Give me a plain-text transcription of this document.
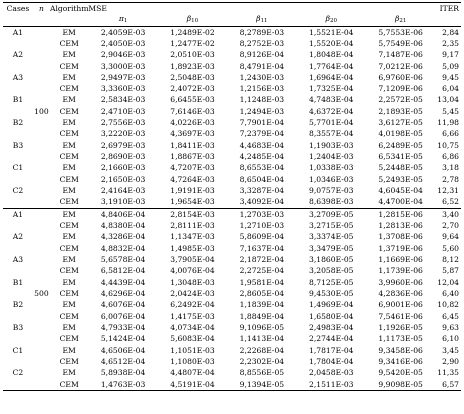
Cases	n	Algorithm	MSE					ITER
			π1	β10	β11	β20	β21	
A1		EM	2,4059E-03	1,2489E-02	8,2789E-03	1,5521E-04	5,7553E-06	2,84
		CEM	2,4050E-03	1,2477E-02	8,2752E-03	1,5520E-04	5,7549E-06	2,35
A2		EM	2,9046E-03	2,0510E-03	8,9126E-04	1,8048E-04	7,1487E-06	9,17
		CEM	3,3000E-03	1,8923E-03	8,4791E-04	1,7764E-04	7,0212E-06	5,09
A3		EM	2,9497E-03	2,5048E-03	1,2430E-03	1,6964E-04	6,9760E-06	9,45
		CEM	3,3360E-03	2,4072E-03	1,2156E-03	1,7325E-04	7,1209E-06	6,04
B1		EM	2,5834E-03	6,6455E-03	1,1248E-03	4,7483E-04	2,2572E-05	13,04
	100	CEM	2,4710E-03	7,6146E-03	1,2494E-03	4,6372E-04	2,1893E-05	5,45
B2		EM	2,7556E-03	4,0226E-03	7,7901E-04	5,7701E-04	3,6127E-05	11,98
		CEM	3,2220E-03	4,3697E-03	7,2379E-04	8,3557E-04	4,0198E-05	6,66
B3		EM	2,6979E-03	1,8411E-03	4,4683E-04	1,1903E-03	6,2489E-05	10,75
		CEM	2,8690E-03	1,8867E-03	4,2485E-04	1,2404E-03	6,5341E-05	6,86
C1		EM	2,1660E-03	4,7207E-03	8,6553E-04	1,0338E-03	5,2448E-05	3,18
		CEM	2,1650E-03	4,7264E-03	8,6504E-04	1,0346E-03	5,2493E-05	2,78
C2		EM	2,4164E-03	1,9191E-03	3,3287E-04	9,0757E-03	4,6045E-04	12,31
		CEM	3,1910E-03	1,9654E-03	3,4092E-04	8,6398E-03	4,4700E-04	6,52
A1		EM	4,8406E-04	2,8154E-03	1,2703E-03	3,2709E-05	1,2815E-06	3,40
		CEM	4,8380E-04	2,8111E-03	1,2710E-03	3,2715E-05	1,2813E-06	2,70
A2		EM	4,3286E-04	1,1347E-03	5,8609E-04	3,3374E-05	1,3708E-06	9,64
		CEM	4,8832E-04	1,4985E-03	7,1637E-04	3,3479E-05	1,3719E-06	5,60
A3		EM	5,6578E-04	3,7905E-04	2,1872E-04	3,1860E-05	1,1669E-06	8,12
		CEM	6,5812E-04	4,0076E-04	2,2725E-04	3,2058E-05	1,1739E-06	5,87
B1		EM	4,4439E-04	1,3048E-03	1,9581E-04	8,7125E-05	3,9960E-06	12,04
	500	CEM	4,6296E-04	2,0424E-03	2,8605E-04	9,4530E-05	4,2836E-06	6,40
B2		EM	4,6076E-04	6,2492E-04	1,1839E-04	1,4969E-04	6,9001E-06	10,82
		CEM	6,0076E-04	1,4175E-03	1,8849E-04	1,6580E-04	7,5461E-06	6,45
B3		EM	4,7933E-04	4,0734E-04	9,1096E-05	2,4983E-04	1,1926E-05	9,63
		CEM	5,1424E-04	5,6083E-04	1,1413E-04	2,2744E-04	1,1173E-05	6,10
C1		EM	4,6506E-04	1,1051E-03	2,2268E-04	1,7817E-04	9,3458E-06	3,45
		CEM	4,6512E-04	1,1080E-03	2,2302E-04	1,7804E-04	9,3416E-06	2,90
C2		EM	5,8938E-04	4,4807E-04	8,8556E-05	2,0458E-03	9,5420E-05	11,35
		CEM	1,4763E-03	4,5191E-04	9,1394E-05	2,1511E-03	9,9098E-05	6,57
